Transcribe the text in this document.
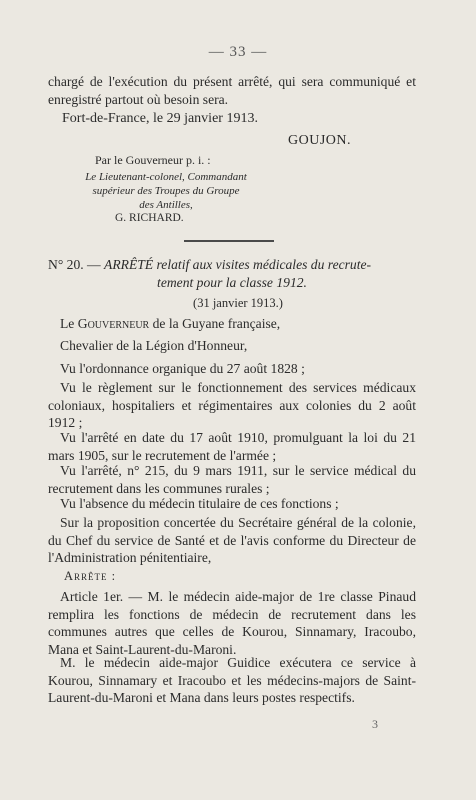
— 33 —

chargé de l'exécution du présent arrêté, qui sera communiqué et enregistré partout où besoin sera.

Fort-de-France, le 29 janvier 1913.
GOUJON.
Par le Gouverneur p. i. :
Le Lieutenant-colonel, Commandant
supérieur des Troupes du Groupe
des Antilles,
G. RICHARD.
N° 20. — ARRÊTÉ relatif aux visites médicales du recrute-
tement pour la classe 1912.
(31 janvier 1913.)

Le Gouverneur de la Guyane française,

Chevalier de la Légion d'Honneur,

Vu l'ordonnance organique du 27 août 1828 ;

Vu le règlement sur le fonctionnement des services médicaux coloniaux, hospitaliers et régimentaires aux colonies du 2 août 1912 ;

Vu l'arrêté en date du 17 août 1910, promulguant la loi du 21 mars 1905, sur le recrutement de l'armée ;

Vu l'arrêté, n° 215, du 9 mars 1911, sur le service médical du recrutement dans les communes rurales ;

Vu l'absence du médecin titulaire de ces fonctions ;

Sur la proposition concertée du Secrétaire général de la colonie, du Chef du service de Santé et de l'avis conforme du Directeur de l'Administration pénitentiaire,

Arrête :

Article 1er. — M. le médecin aide-major de 1re classe Pinaud remplira les fonctions de médecin de recrutement dans les communes autres que celles de Kourou, Sinnamary, Iracoubo, Mana et Saint-Laurent-du-Maroni.

M. le médecin aide-major Guidice exécutera ce service à Kourou, Sinnamary et Iracoubo et les médecins-majors de Saint-Laurent-du-Maroni et Mana dans leurs postes respectifs.

3
